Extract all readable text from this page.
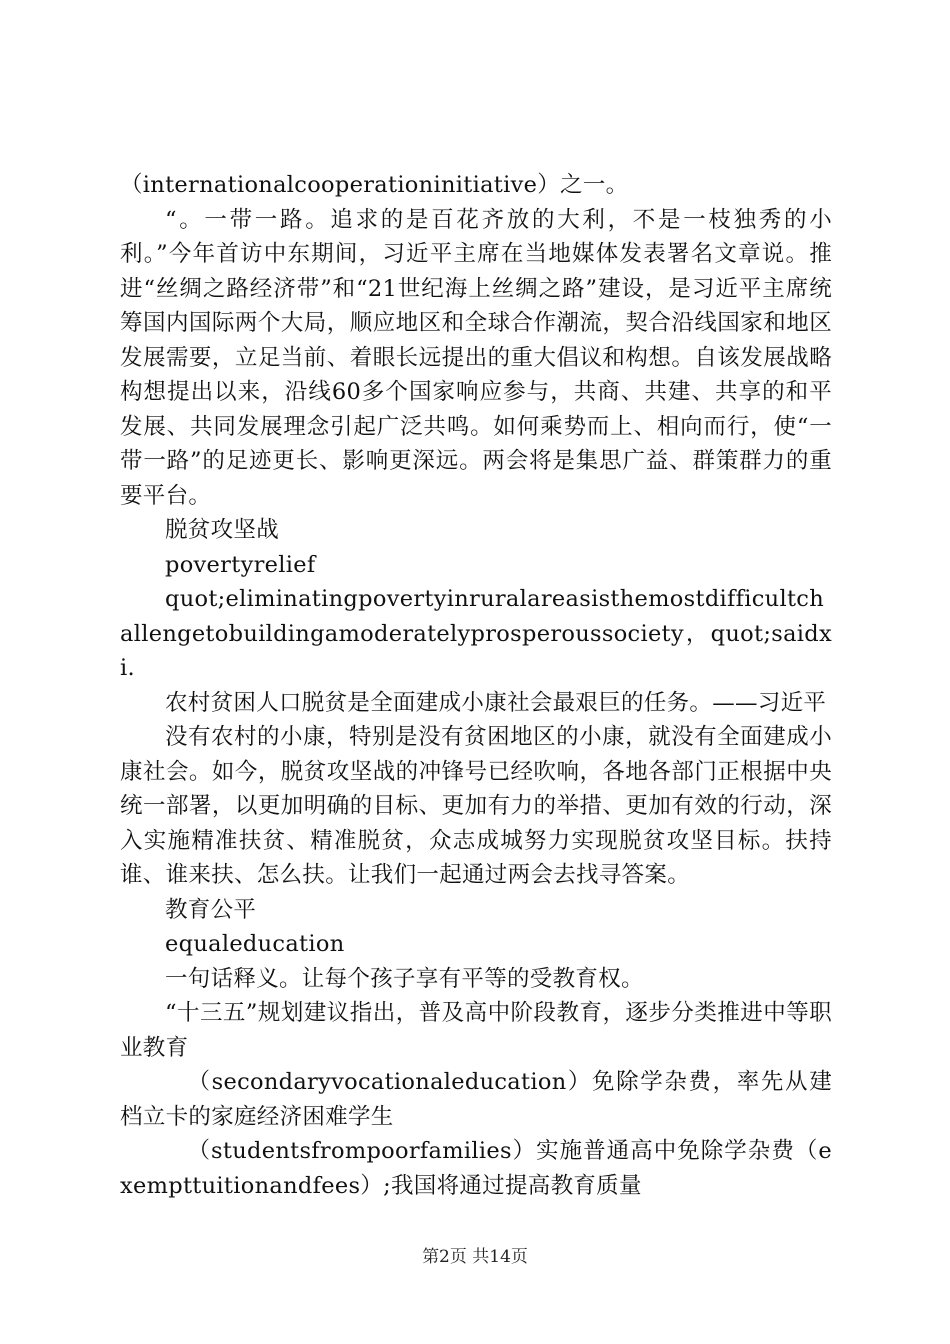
（internationalcooperationinitiative）之一。

“。一带一路。追求的是百花齐放的大利，不是一枝独秀的小利。”今年首访中东期间，习近平主席在当地媒体发表署名文章说。推进“丝绸之路经济带”和“21世纪海上丝绸之路”建设，是习近平主席统筹国内国际两个大局，顺应地区和全球合作潮流，契合沿线国家和地区发展需要，立足当前、着眼长远提出的重大倡议和构想。自该发展战略构想提出以来，沿线60多个国家响应参与，共商、共建、共享的和平发展、共同发展理念引起广泛共鸣。如何乘势而上、相向而行，使“一带一路”的足迹更长、影响更深远。两会将是集思广益、群策群力的重要平台。

脱贫攻坚战

povertyrelief

quot;eliminatingpovertyinruralareasisthemostdifficultchallengetobuildingamoderatelyprosperoussociety，quot;saidxi.

农村贫困人口脱贫是全面建成小康社会最艰巨的任务。——习近平

没有农村的小康，特别是没有贫困地区的小康，就没有全面建成小康社会。如今，脱贫攻坚战的冲锋号已经吹响，各地各部门正根据中央统一部署，以更加明确的目标、更加有力的举措、更加有效的行动，深入实施精准扶贫、精准脱贫，众志成城努力实现脱贫攻坚目标。扶持谁、谁来扶、怎么扶。让我们一起通过两会去找寻答案。

教育公平

equaleducation

一句话释义。让每个孩子享有平等的受教育权。

“十三五”规划建议指出，普及高中阶段教育，逐步分类推进中等职业教育

（secondaryvocationaleducation）免除学杂费，率先从建档立卡的家庭经济困难学生

（studentsfrompoorfamilies）实施普通高中免除学杂费（exempttuitionandfees）;我国将通过提高教育质量

第2页 共14页
